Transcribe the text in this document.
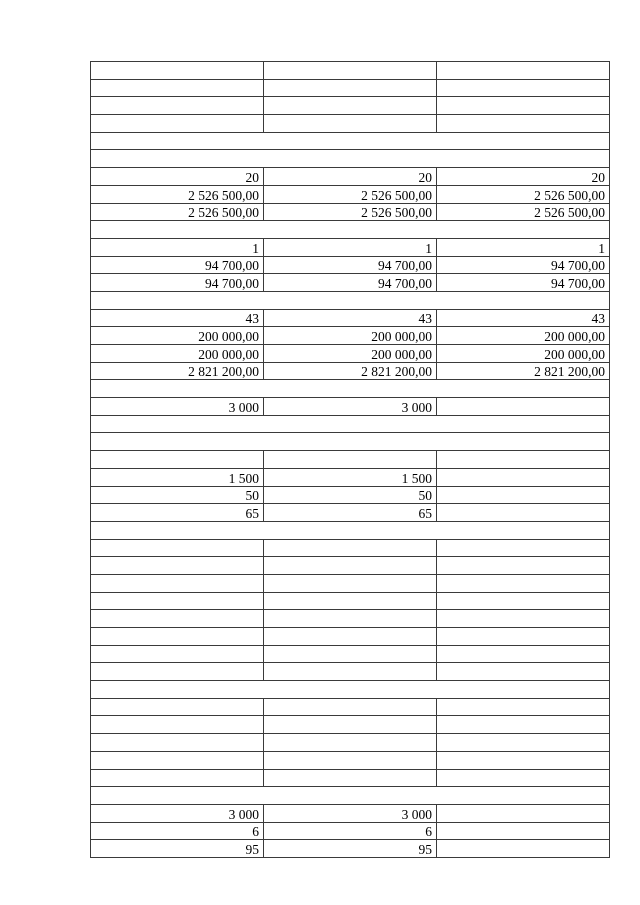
20	20	20
2 526 500,00	2 526 500,00	2 526 500,00
2 526 500,00	2 526 500,00	2 526 500,00

1	1	1
94 700,00	94 700,00	94 700,00
94 700,00	94 700,00	94 700,00

43	43	43
200 000,00	200 000,00	200 000,00
200 000,00	200 000,00	200 000,00
2 821 200,00	2 821 200,00	2 821 200,00

3 000	3 000	

1 500	1 500	
50	50	
65	65	

3 000	3 000	
6	6	
95	95	
